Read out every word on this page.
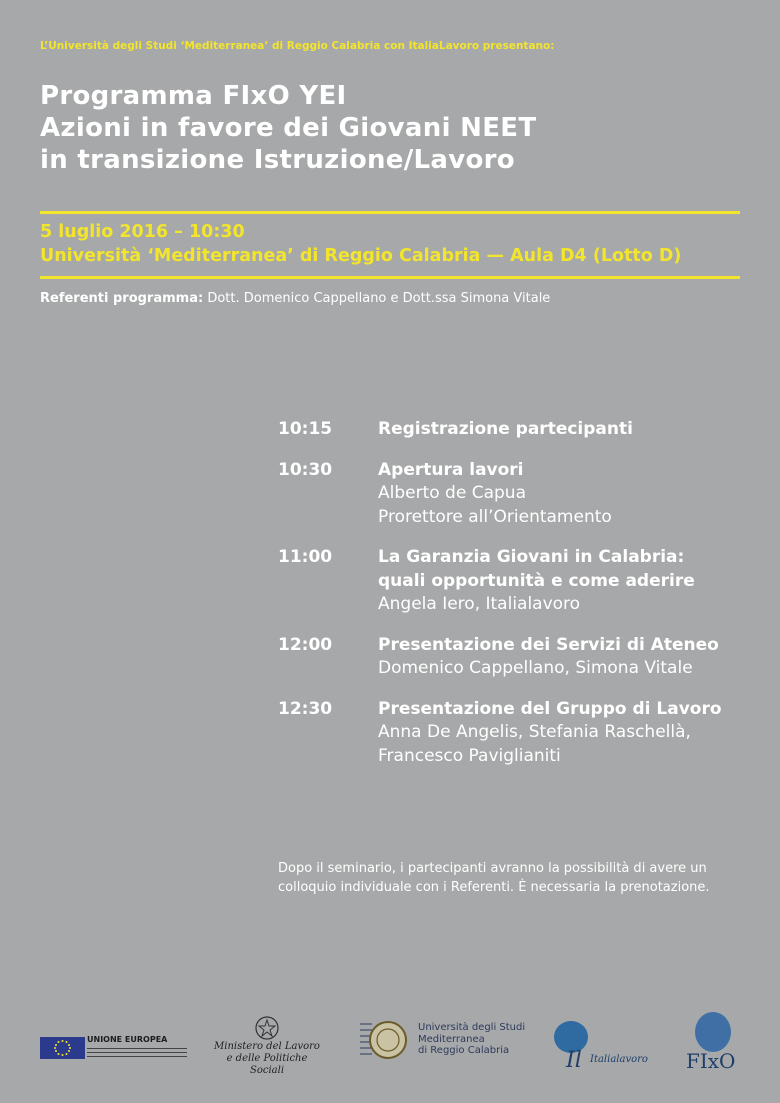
L’Università degli Studi ‘Mediterranea’ di Reggio Calabria con ItaliaLavoro presentano:
Programma FIxO YEI
Azioni in favore dei Giovani NEET
in transizione Istruzione/Lavoro
5 luglio 2016 – 10:30
Università ‘Mediterranea’ di Reggio Calabria — Aula D4 (Lotto D)
Referenti programma: Dott. Domenico Cappellano e Dott.ssa Simona Vitale
10:15	Registrazione partecipanti
10:30	Apertura lavori
Alberto de Capua
Prorettore all’Orientamento
11:00	La Garanzia Giovani in Calabria: quali opportunità e come aderire
Angela Iero, Italialavoro
12:00	Presentazione dei Servizi di Ateneo
Domenico Cappellano, Simona Vitale
12:30	Presentazione del Gruppo di Lavoro
Anna De Angelis, Stefania Raschellà,
Francesco Paviglianiti
Dopo il seminario, i partecipanti avranno la possibilità di avere un colloquio individuale con i Referenti. È necessaria la prenotazione.
UNIONE EUROPEA
Ministero del Lavoro e delle Politiche Sociali
Università degli Studi
Mediterranea
di Reggio Calabria	Il Italialavoro	FIxO
